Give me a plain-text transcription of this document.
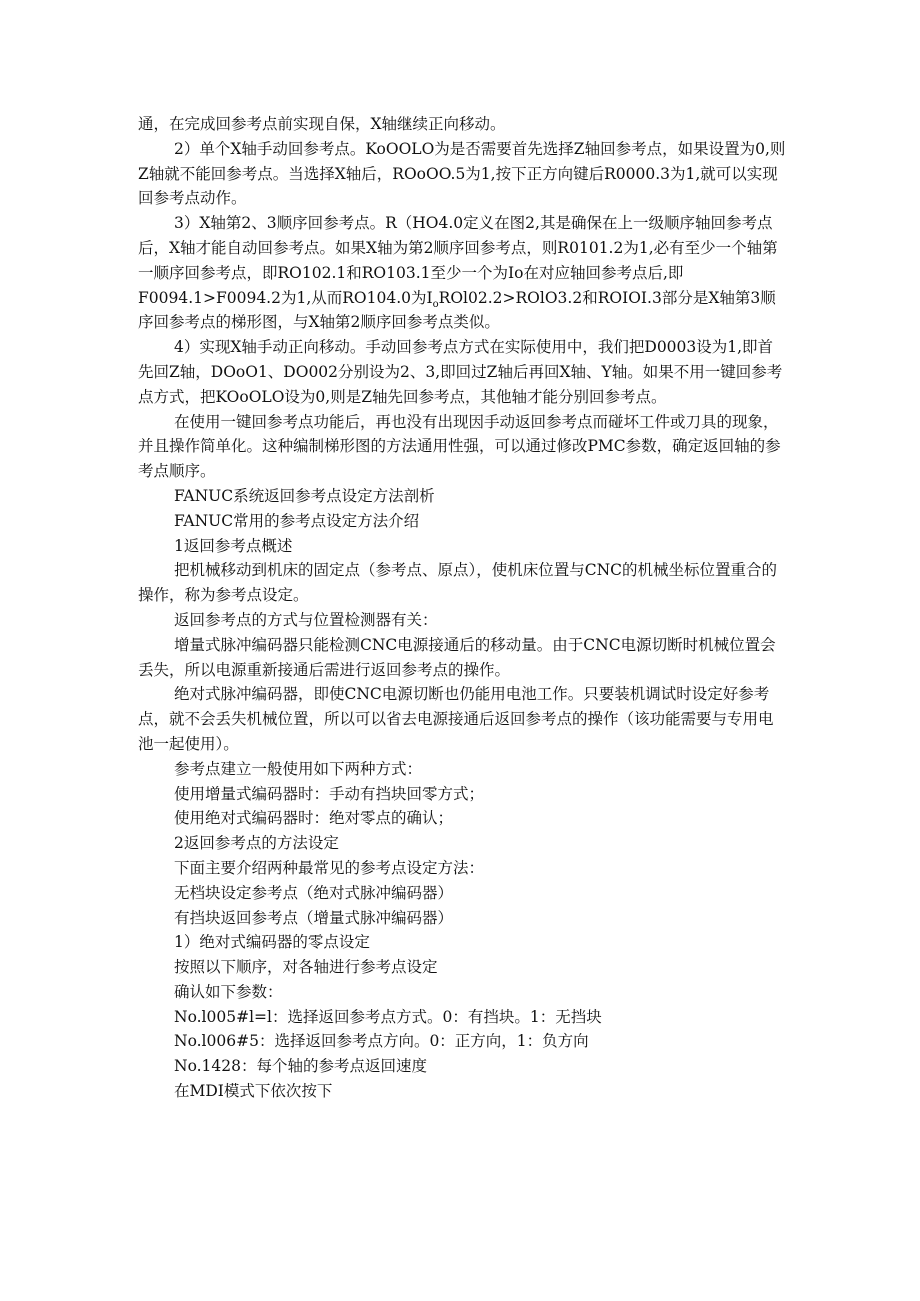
通，在完成回参考点前实现自保，X轴继续正向移动。

2）单个X轴手动回参考点。KoOOLO为是否需要首先选择Z轴回参考点，如果设置为0,则Z轴就不能回参考点。当选择X轴后，ROoOO.5为1,按下正方向键后R0000.3为1,就可以实现回参考点动作。

3）X轴第2、3顺序回参考点。R（HO4.0定义在图2,其是确保在上一级顺序轴回参考点后，X轴才能自动回参考点。如果X轴为第2顺序回参考点，则R0101.2为1,必有至少一个轴第一顺序回参考点，即RO102.1和RO103.1至少一个为Io在对应轴回参考点后,即F0094.1>F0094.2为1,从而RO104.0为$I_oROl02.2>ROlO3.2$和ROIOI.3部分是X轴第3顺序回参考点的梯形图，与X轴第2顺序回参考点类似。

4）实现X轴手动正向移动。手动回参考点方式在实际使用中，我们把D0003设为1,即首先回Z轴，DOoO1、DO002分别设为2、3,即回过Z轴后再回X轴、Y轴。如果不用一键回参考点方式，把KOoOLO设为0,则是Z轴先回参考点，其他轴才能分别回参考点。

在使用一键回参考点功能后，再也没有出现因手动返回参考点而碰坏工件或刀具的现象，并且操作简单化。这种编制梯形图的方法通用性强，可以通过修改PMC参数，确定返回轴的参考点顺序。

FANUC系统返回参考点设定方法剖析

FANUC常用的参考点设定方法介绍

1返回参考点概述

把机械移动到机床的固定点（参考点、原点），使机床位置与CNC的机械坐标位置重合的操作，称为参考点设定。

返回参考点的方式与位置检测器有关：

增量式脉冲编码器只能检测CNC电源接通后的移动量。由于CNC电源切断时机械位置会丢失，所以电源重新接通后需进行返回参考点的操作。

绝对式脉冲编码器，即使CNC电源切断也仍能用电池工作。只要装机调试时设定好参考点，就不会丢失机械位置，所以可以省去电源接通后返回参考点的操作（该功能需要与专用电池一起使用）。

参考点建立一般使用如下两种方式：

使用增量式编码器时：手动有挡块回零方式；

使用绝对式编码器时：绝对零点的确认；

2返回参考点的方法设定

下面主要介绍两种最常见的参考点设定方法：

无档块设定参考点（绝对式脉冲编码器）

有挡块返回参考点（增量式脉冲编码器）

1）绝对式编码器的零点设定

按照以下顺序，对各轴进行参考点设定

确认如下参数：

No.l005#l=l：选择返回参考点方式。0：有挡块。1：无挡块

No.l006#5：选择返回参考点方向。0：正方向，1：负方向

No.1428：每个轴的参考点返回速度

在MDI模式下依次按下
